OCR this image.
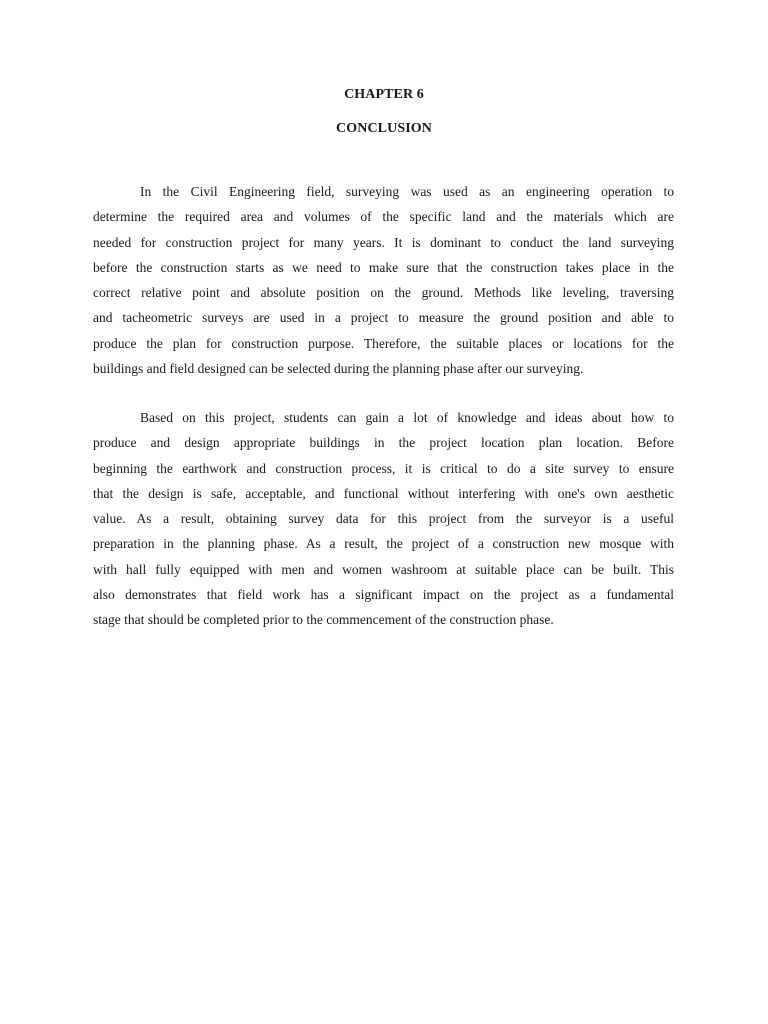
CHAPTER 6
CONCLUSION
In the Civil Engineering field, surveying was used as an engineering operation to
determine the required area and volumes of the specific land and the materials which are
needed for construction project for many years. It is dominant to conduct the land surveying
before the construction starts as we need to make sure that the construction takes place in the
correct relative point and absolute position on the ground. Methods like leveling, traversing
and tacheometric surveys are used in a project to measure the ground position and able to
produce the plan for construction purpose. Therefore, the suitable places or locations for the
buildings and field designed can be selected during the planning phase after our surveying.
Based on this project, students can gain a lot of knowledge and ideas about how to
produce and design appropriate buildings in the project location plan location. Before
beginning the earthwork and construction process, it is critical to do a site survey to ensure
that the design is safe, acceptable, and functional without interfering with one's own aesthetic
value. As a result, obtaining survey data for this project from the surveyor is a useful
preparation in the planning phase. As a result, the project of a construction new mosque with
with hall fully equipped with men and women washroom at suitable place can be built. This
also demonstrates that field work has a significant impact on the project as a fundamental
stage that should be completed prior to the commencement of the construction phase.
